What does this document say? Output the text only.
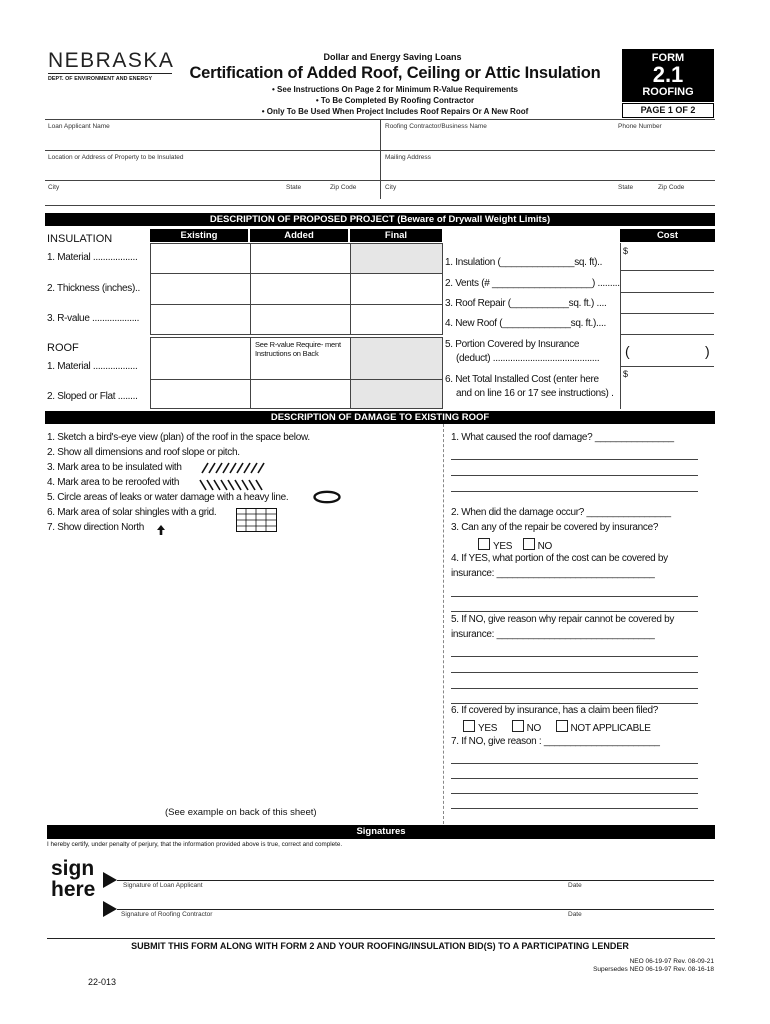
NEBRASKA
DEPT. OF ENVIRONMENT AND ENERGY
Dollar and Energy Saving Loans
Certification of Added Roof, Ceiling or Attic Insulation
• See Instructions On Page 2 for Minimum R-Value Requirements
• To Be Completed By Roofing Contractor
• Only To Be Used When Project Includes Roof Repairs Or A New Roof
FORM
2.1
ROOFING
PAGE 1 OF 2
Loan Applicant Name	Roofing Contractor/Business Name	Phone Number
Location or Address of Property to be Insulated	Mailing Address
City	State	Zip Code	City	State	Zip Code
DESCRIPTION OF PROPOSED PROJECT (Beware of Drywall Weight Limits)
Existing	Added	Final	Cost
INSULATION
1. Material ..................
2. Thickness (inches)..
3. R-value ...................
ROOF	See R-value Require- ment Instructions on Back
1. Material ..................
2. Sloped or Flat ........
1. Insulation (______________sq. ft)..
2. Vents (# ___________________) .........
3. Roof Repair (___________sq. ft.) ....
4. New Roof (_____________sq. ft.)....
5. Portion Covered by Insurance
(deduct) ...........................................
6. Net Total Installed Cost (enter here
and on line 16 or 17 see instructions) .
$
(	)
$
DESCRIPTION OF DAMAGE TO EXISTING ROOF
1. Sketch a bird's-eye view (plan) of the roof in the space below.
2. Show all dimensions and roof slope or pitch.
3. Mark area to be insulated with
4. Mark area to be reroofed with
5. Circle areas of leaks or water damage with a heavy line.
6. Mark area of solar shingles with a grid.
7. Show direction North
(See example on back of this sheet)
1. What caused the roof damage? _______________
2. When did the damage occur? ________________
3. Can any of the repair be covered by insurance?
YES	NO
4. If YES, what portion of the cost can be covered by
insurance: ______________________________
5. If NO, give reason why repair cannot be covered by
insurance: ______________________________
6. If covered by insurance, has a claim been filed?
YES	NO	NOT APPLICABLE
7. If NO, give reason : ______________________
Signatures
I hereby certify, under penalty of perjury, that the information provided above is true, correct and complete.
sign
here	Signature of Loan Applicant	Date
Signature of Roofing Contractor	Date
SUBMIT THIS FORM ALONG WITH FORM 2 AND YOUR ROOFING/INSULATION BID(S) TO A PARTICIPATING LENDER
NEO 06-19-97 Rev. 08-09-21
Supersedes NEO 06-19-97 Rev. 08-16-18
22-013
